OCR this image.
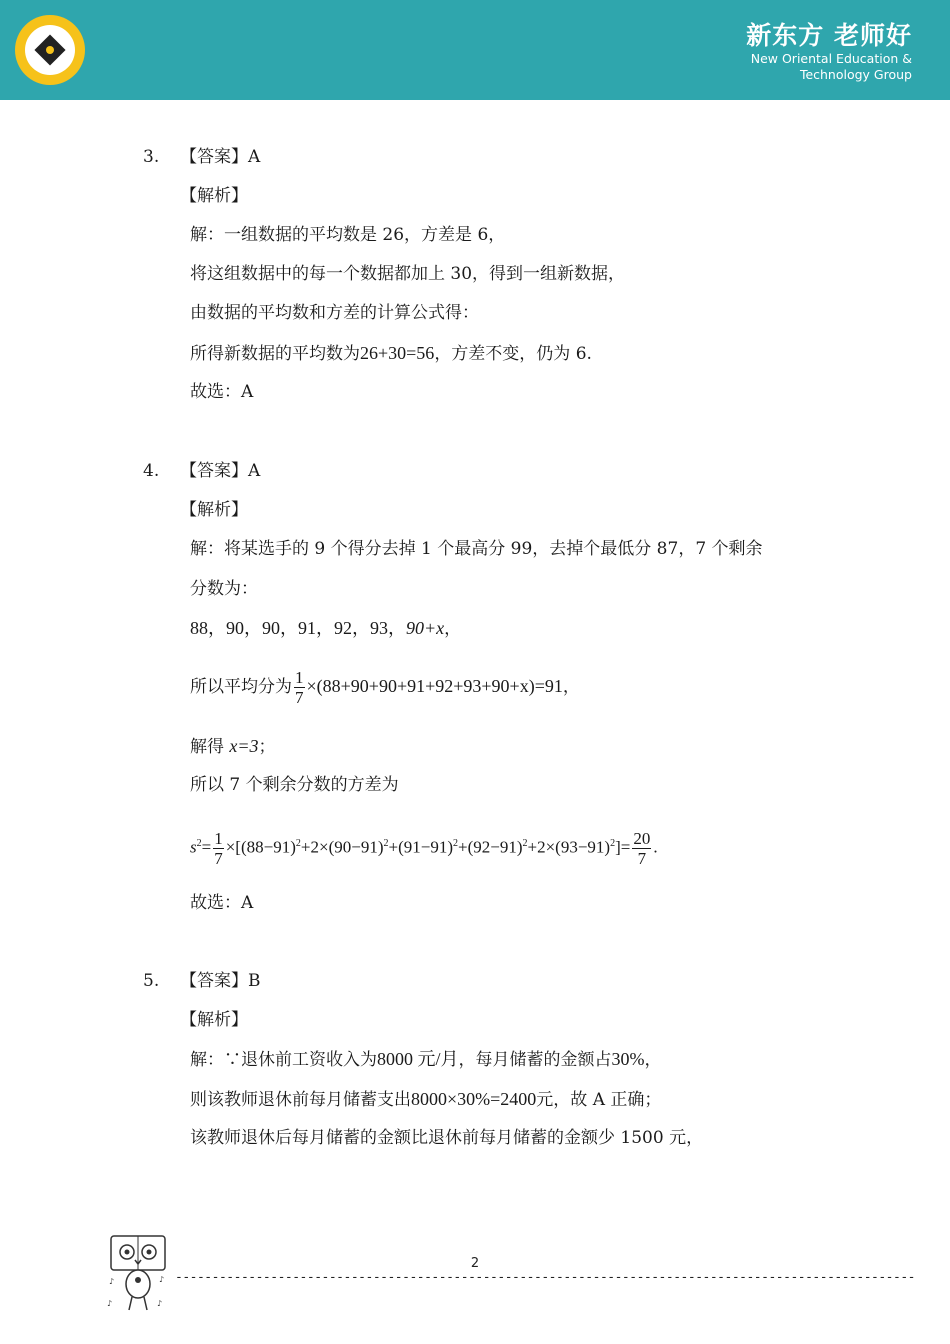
新东方 老师好
New Oriental Education &
Technology Group
3. 【答案】A
【解析】
解：一组数据的平均数是 26，方差是 6，
将这组数据中的每一个数据都加上 30，得到一组新数据，
由数据的平均数和方差的计算公式得：
所得新数据的平均数为26+30=56，方差不变，仍为 6.
故选：A
4. 【答案】A
【解析】
解：将某选手的 9 个得分去掉 1 个最高分 99，去掉个最低分 87，7 个剩余
分数为：
88，90，90，91，92，93，90+x，
所以平均分为 $\frac{1}{7} \times(88+90+90+91+92+93+90+x)=91$，
解得 x=3；
所以 7 个剩余分数的方差为
$s^2= \frac{1}{7} \times[(88-91)^2+2\times(90-91)^2+(91-91)^2+(92-91)^2+2\times(93-91)^2]= \frac{20}{7}$ .
故选：A
5. 【答案】B
【解析】
解：∵退休前工资收入为8000 元/月，每月储蓄的金额占30%，
则该教师退休前每月储蓄支出8000×30%=2400元，故 A 正确；
该教师退休后每月储蓄的金额比退休前每月储蓄的金额少 1500 元，
♪	♪
♪	♪
2
-----------------------------------------------------------------------------------------------------
